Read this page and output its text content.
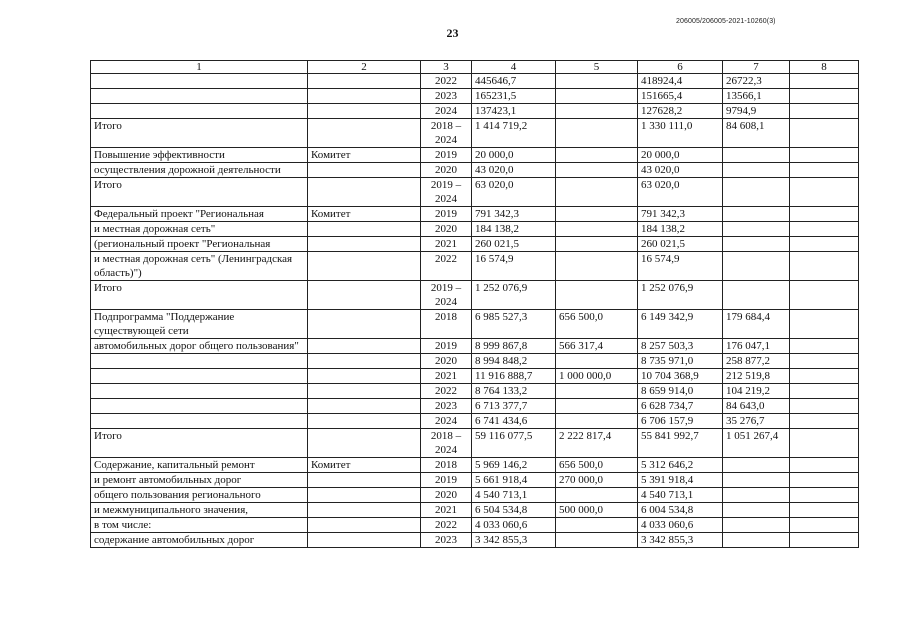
23
206005/206005-2021-10260(3)
1	2	3	4	5	6	7	8
		2022	445646,7		418924,4	26722,3	
		2023	165231,5		151665,4	13566,1	
		2024	137423,1		127628,2	9794,9	
Итого		2018 – 2024	1 414 719,2		1 330 111,0	84 608,1	
Повышение эффективности	Комитет	2019	20 000,0		20 000,0		
осуществления дорожной деятельности		2020	43 020,0		43 020,0		
Итого		2019 – 2024	63 020,0		63 020,0		
Федеральный проект "Региональная	Комитет	2019	791 342,3		791 342,3		
и местная дорожная сеть"		2020	184 138,2		184 138,2		
(региональный проект "Региональная		2021	260 021,5		260 021,5		
и местная дорожная сеть" (Ленинградская область)")		2022	16 574,9		16 574,9		
Итого		2019 – 2024	1 252 076,9		1 252 076,9		
Подпрограмма "Поддержание существующей сети		2018	6 985 527,3	656 500,0	6 149 342,9	179 684,4	
автомобильных дорог общего пользования"		2019	8 999 867,8	566 317,4	8 257 503,3	176 047,1	
		2020	8 994 848,2		8 735 971,0	258 877,2	
		2021	11 916 888,7	1 000 000,0	10 704 368,9	212 519,8	
		2022	8 764 133,2		8 659 914,0	104 219,2	
		2023	6 713 377,7		6 628 734,7	84 643,0	
		2024	6 741 434,6		6 706 157,9	35 276,7	
Итого		2018 – 2024	59 116 077,5	2 222 817,4	55 841 992,7	1 051 267,4	
Содержание, капитальный ремонт	Комитет	2018	5 969 146,2	656 500,0	5 312 646,2		
и ремонт автомобильных дорог		2019	5 661 918,4	270 000,0	5 391 918,4		
общего пользования регионального		2020	4 540 713,1		4 540 713,1		
и межмуниципального значения,		2021	6 504 534,8	500 000,0	6 004 534,8		
в том числе:		2022	4 033 060,6		4 033 060,6		
содержание автомобильных дорог		2023	3 342 855,3		3 342 855,3		
